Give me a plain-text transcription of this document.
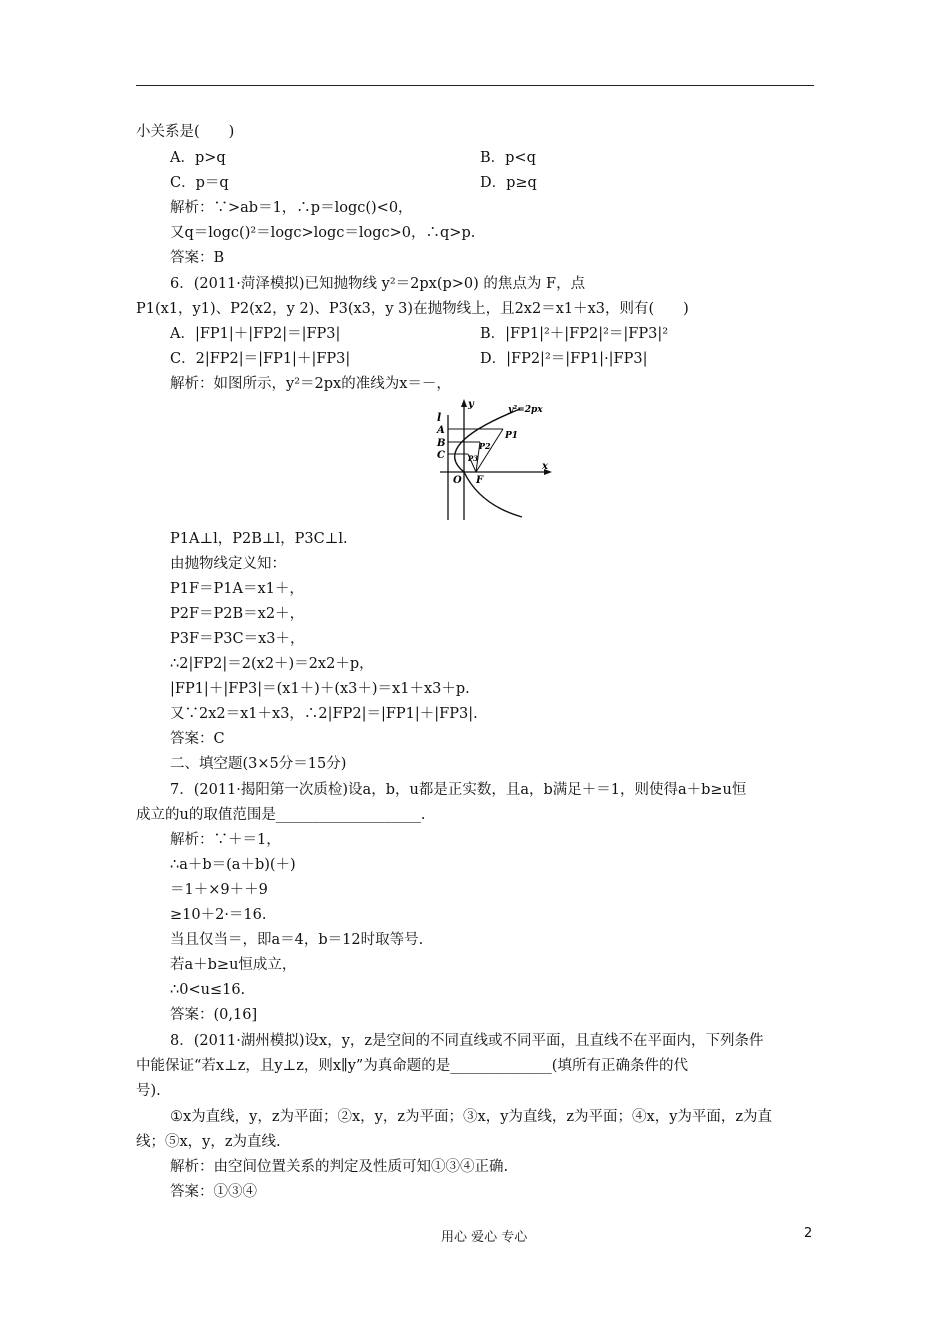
小关系是(　　)
A．p>q	B．p<q
C．p＝q	D．p≥q
解析：∵>ab＝1，∴p＝logc()<0，
又q＝logc()²＝logc>logc＝logc>0，∴q>p.
答案：B
6．(2011·菏泽模拟)已知抛物线 y²＝2px(p>0) 的焦点为 F，点
P1(x1，y1)、P2(x2，y 2)、P3(x3，y 3)在抛物线上，且2x2＝x1＋x3，则有(　　)
A．|FP1|＋|FP2|＝|FP3|	B．|FP1|²＋|FP2|²＝|FP3|²
C．2|FP2|＝|FP1|＋|FP3|	D．|FP2|²＝|FP1|·|FP3|
解析：如图所示，y²＝2px的准线为x＝－，
P1A⊥l，P2B⊥l，P3C⊥l.
由抛物线定义知：
P1F＝P1A＝x1＋，
P2F＝P2B＝x2＋，
P3F＝P3C＝x3＋，
∴2|FP2|＝2(x2＋)＝2x2＋p，
|FP1|＋|FP3|＝(x1＋)＋(x3＋)＝x1＋x3＋p.
又∵2x2＝x1＋x3，∴2|FP2|＝|FP1|＋|FP3|.
答案：C
二、填空题(3×5分＝15分)
7．(2011·揭阳第一次质检)设a，b，u都是正实数，且a，b满足＋＝1，则使得a＋b≥u恒
成立的u的取值范围是____________________.
解析：∵＋＝1，
∴a＋b＝(a＋b)(＋)
＝1＋×9＋＋9
≥10＋2·＝16.
当且仅当＝，即a＝4，b＝12时取等号.
若a＋b≥u恒成立，
∴0<u≤16.
答案：(0,16]
8．(2011·湖州模拟)设x，y，z是空间的不同直线或不同平面，且直线不在平面内，下列条件
中能保证“若x⊥z，且y⊥z，则x∥y”为真命题的是______________(填所有正确条件的代
号).
①x为直线，y，z为平面；②x，y，z为平面；③x，y为直线，z为平面；④x，y为平面，z为直
线；⑤x，y，z为直线.
解析：由空间位置关系的判定及性质可知①③④正确.
答案：①③④
l
y	y²=2px
A
B
C
P1
P2
P3
O F
x
用心 爱心 专心	2
